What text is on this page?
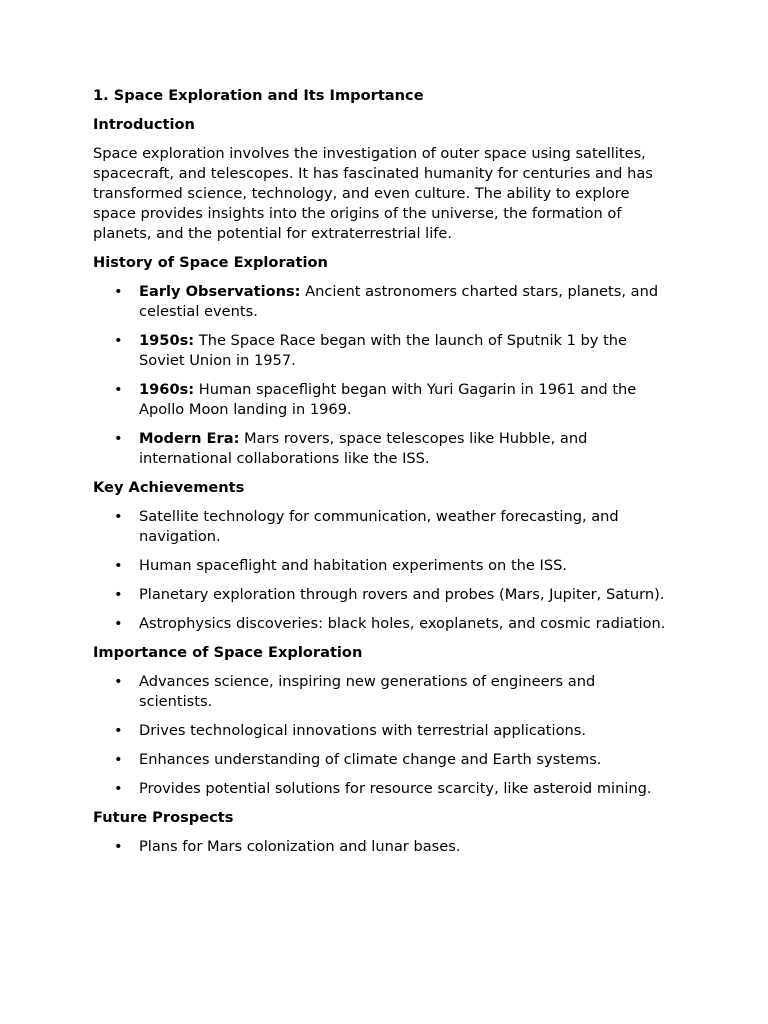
1. Space Exploration and Its Importance
Introduction
Space exploration involves the investigation of outer space using satellites, spacecraft, and telescopes. It has fascinated humanity for centuries and has transformed science, technology, and even culture. The ability to explore space provides insights into the origins of the universe, the formation of planets, and the potential for extraterrestrial life.
History of Space Exploration
• Early Observations: Ancient astronomers charted stars, planets, and celestial events.
• 1950s: The Space Race began with the launch of Sputnik 1 by the Soviet Union in 1957.
• 1960s: Human spaceflight began with Yuri Gagarin in 1961 and the Apollo Moon landing in 1969.
• Modern Era: Mars rovers, space telescopes like Hubble, and international collaborations like the ISS.
Key Achievements
• Satellite technology for communication, weather forecasting, and navigation.
• Human spaceflight and habitation experiments on the ISS.
• Planetary exploration through rovers and probes (Mars, Jupiter, Saturn).
• Astrophysics discoveries: black holes, exoplanets, and cosmic radiation.
Importance of Space Exploration
• Advances science, inspiring new generations of engineers and scientists.
• Drives technological innovations with terrestrial applications.
• Enhances understanding of climate change and Earth systems.
• Provides potential solutions for resource scarcity, like asteroid mining.
Future Prospects
• Plans for Mars colonization and lunar bases.
